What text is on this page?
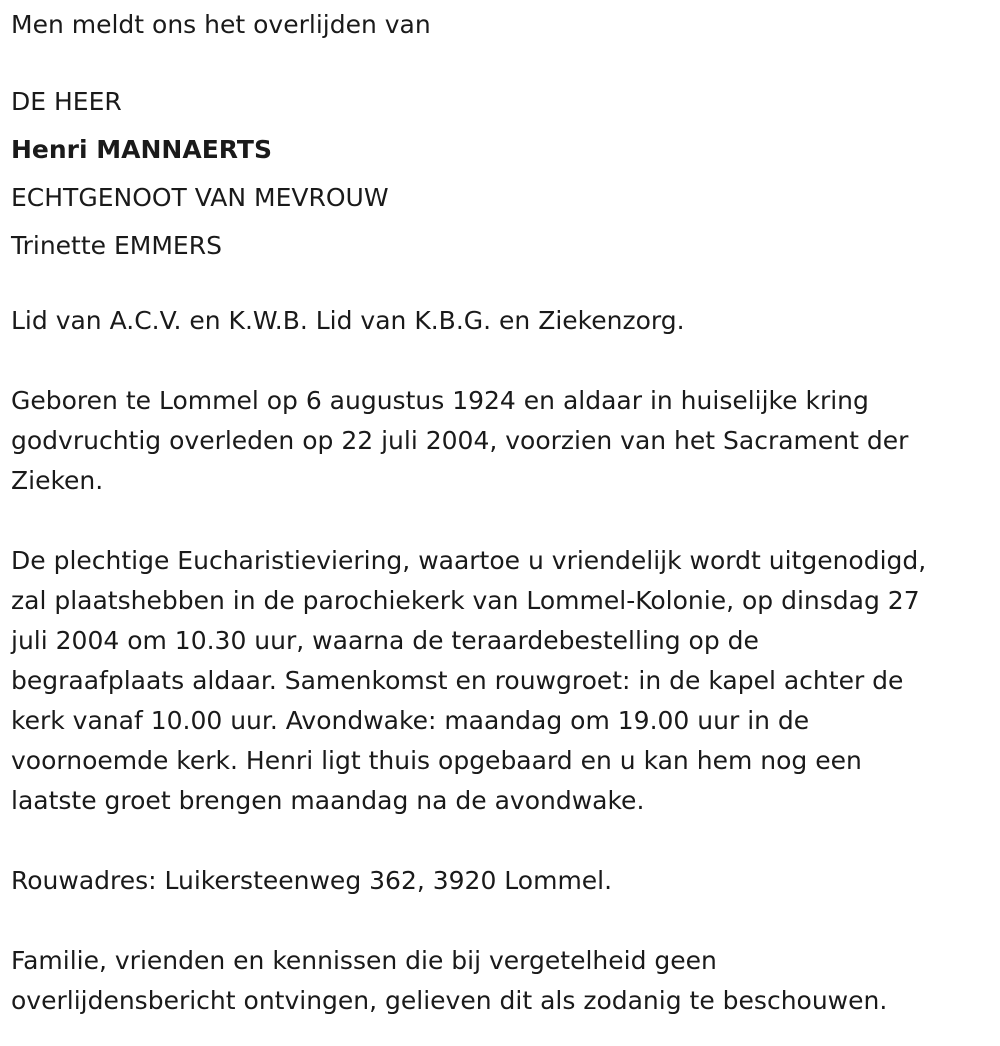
Men meldt ons het overlijden van

DE HEER

Henri MANNAERTS

ECHTGENOOT VAN MEVROUW

Trinette EMMERS

Lid van A.C.V. en K.W.B. Lid van K.B.G. en Ziekenzorg.

Geboren te Lommel op 6 augustus 1924 en aldaar in huiselijke kring

godvruchtig overleden op 22 juli 2004, voorzien van het Sacrament der

Zieken.

De plechtige Eucharistieviering, waartoe u vriendelijk wordt uitgenodigd,

zal plaatshebben in de parochiekerk van Lommel-Kolonie, op dinsdag 27

juli 2004 om 10.30 uur, waarna de teraardebestelling op de

begraafplaats aldaar. Samenkomst en rouwgroet: in de kapel achter de

kerk vanaf 10.00 uur. Avondwake: maandag om 19.00 uur in de

voornoemde kerk. Henri ligt thuis opgebaard en u kan hem nog een

laatste groet brengen maandag na de avondwake.

Rouwadres: Luikersteenweg 362, 3920 Lommel.

Familie, vrienden en kennissen die bij vergetelheid geen

overlijdensbericht ontvingen, gelieven dit als zodanig te beschouwen.
